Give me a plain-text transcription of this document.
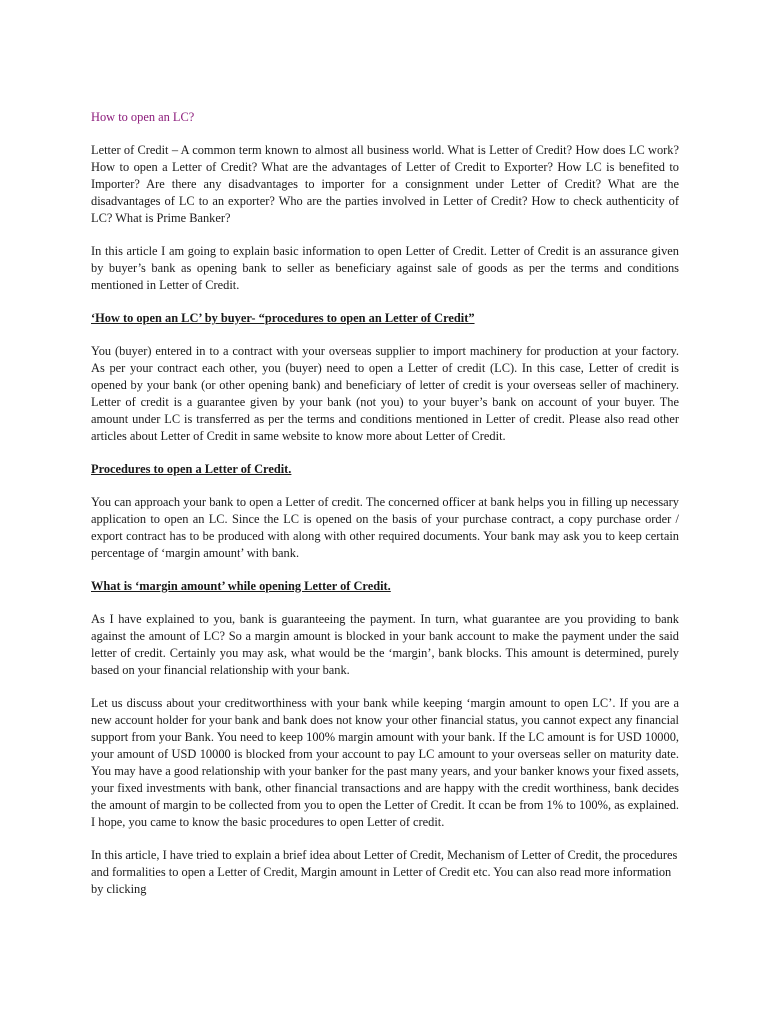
How to open an LC?

Letter of Credit – A common term known to almost all business world. What is Letter of Credit? How does LC work? How to open a Letter of Credit? What are the advantages of Letter of Credit to Exporter? How LC is benefited to Importer? Are there any disadvantages to importer for a consignment under Letter of Credit? What are the disadvantages of LC to an exporter? Who are the parties involved in Letter of Credit? How to check authenticity of LC? What is Prime Banker?

In this article I am going to explain basic information to open Letter of Credit. Letter of Credit is an assurance given by buyer’s bank as opening bank to seller as beneficiary against sale of goods as per the terms and conditions mentioned in Letter of Credit.

‘How to open an LC’ by buyer- “procedures to open an Letter of Credit”

You (buyer) entered in to a contract with your overseas supplier to import machinery for production at your factory. As per your contract each other, you (buyer) need to open a Letter of credit (LC). In this case, Letter of credit is opened by your bank (or other opening bank) and beneficiary of letter of credit is your overseas seller of machinery. Letter of credit is a guarantee given by your bank (not you) to your buyer’s bank on account of your buyer. The amount under LC is transferred as per the terms and conditions mentioned in Letter of credit. Please also read other articles about Letter of Credit in same website to know more about Letter of Credit.

Procedures to open a Letter of Credit.

You can approach your bank to open a Letter of credit. The concerned officer at bank helps you in filling up necessary application to open an LC. Since the LC is opened on the basis of your purchase contract, a copy purchase order / export contract has to be produced with along with other required documents. Your bank may ask you to keep certain percentage of ‘margin amount’ with bank.

What is ‘margin amount’ while opening Letter of Credit.

As I have explained to you, bank is guaranteeing the payment. In turn, what guarantee are you providing to bank against the amount of LC? So a margin amount is blocked in your bank account to make the payment under the said letter of credit. Certainly you may ask, what would be the ‘margin’, bank blocks. This amount is determined, purely based on your financial relationship with your bank.

Let us discuss about your creditworthiness with your bank while keeping ‘margin amount to open LC’. If you are a new account holder for your bank and bank does not know your other financial status, you cannot expect any financial support from your Bank. You need to keep 100% margin amount with your bank. If the LC amount is for USD 10000, your amount of USD 10000 is blocked from your account to pay LC amount to your overseas seller on maturity date. You may have a good relationship with your banker for the past many years, and your banker knows your fixed assets, your fixed investments with bank, other financial transactions and are happy with the credit worthiness, bank decides the amount of margin to be collected from you to open the Letter of Credit. It ccan be from 1% to 100%, as explained. I hope, you came to know the basic procedures to open Letter of credit.

In this article, I have tried to explain a brief idea about Letter of Credit, Mechanism of Letter of Credit, the procedures and formalities to open a Letter of Credit, Margin amount in Letter of Credit etc. You can also read more information by clicking
